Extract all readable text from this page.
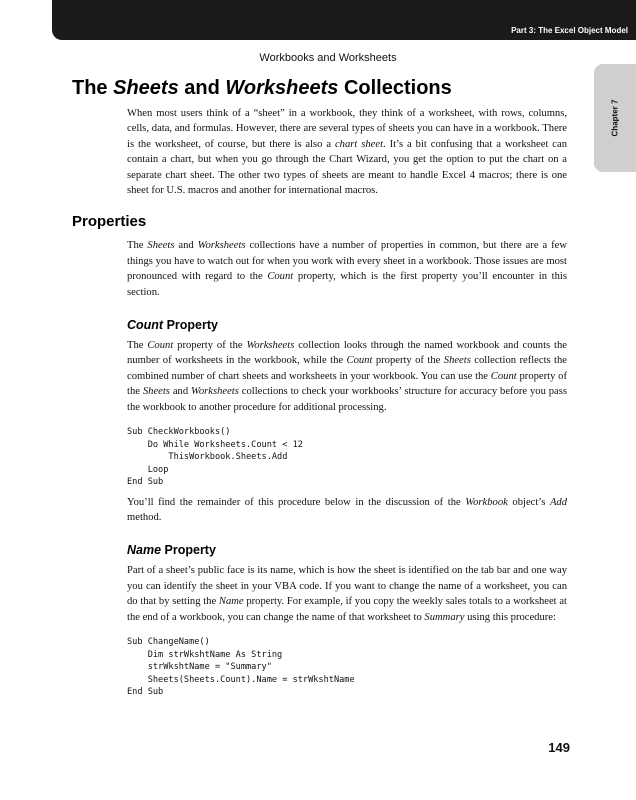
Part 3: The Excel Object Model
Workbooks and Worksheets
Chapter 7
The Sheets and Worksheets Collections

When most users think of a “sheet” in a workbook, they think of a worksheet, with rows, columns, cells, data, and formulas. However, there are several types of sheets you can have in a workbook. There is the worksheet, of course, but there is also a chart sheet. It’s a bit confusing that a worksheet can contain a chart, but when you go through the Chart Wizard, you get the option to put the chart on a separate chart sheet. The other two types of sheets are meant to handle Excel 4 macros; there is one sheet for U.S. macros and another for international macros.

Properties

The Sheets and Worksheets collections have a number of properties in common, but there are a few things you have to watch out for when you work with every sheet in a workbook. Those issues are most pronounced with regard to the Count property, which is the first property you’ll encounter in this section.

Count Property

The Count property of the Worksheets collection looks through the named workbook and counts the number of worksheets in the workbook, while the Count property of the Sheets collection reflects the combined number of chart sheets and worksheets in your workbook. You can use the Count property of the Sheets and Worksheets collections to check your workbooks’ structure for accuracy before you pass the workbook to another procedure for additional processing.

Sub CheckWorkbooks()
Do While Worksheets.Count < 12
ThisWorkbook.Sheets.Add
Loop
End Sub

You’ll find the remainder of this procedure below in the discussion of the Workbook object’s Add method.

Name Property

Part of a sheet’s public face is its name, which is how the sheet is identified on the tab bar and one way you can identify the sheet in your VBA code. If you want to change the name of a worksheet, you can do that by setting the Name property. For example, if you copy the weekly sales totals to a worksheet at the end of a workbook, you can change the name of that worksheet to Summary using this procedure:

Sub ChangeName()
Dim strWkshtName As String
strWkshtName = "Summary"
Sheets(Sheets.Count).Name = strWkshtName
End Sub
149
